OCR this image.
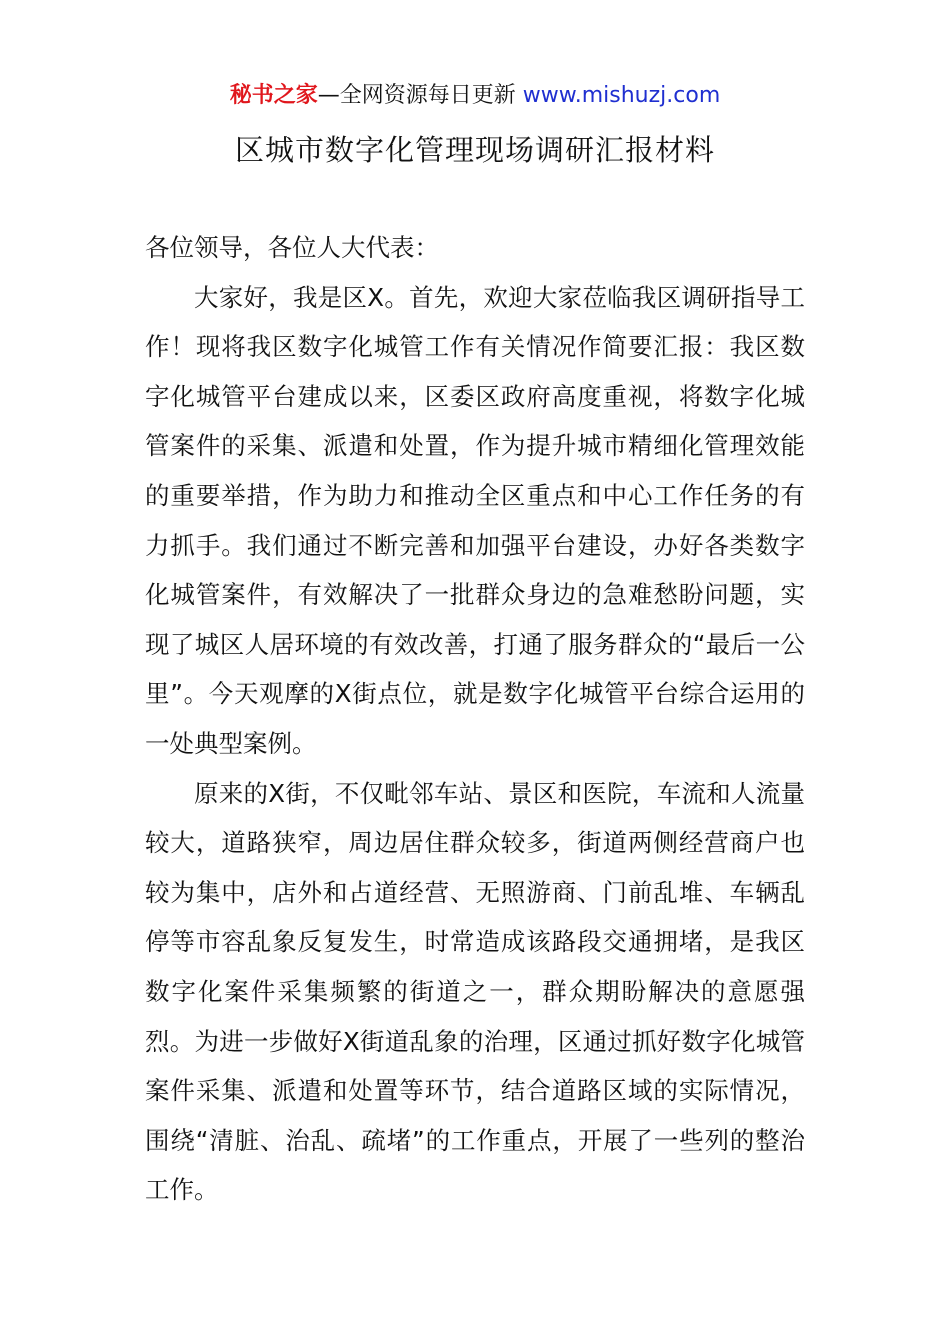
秘书之家—全网资源每日更新 www.mishuzj.com
区城市数字化管理现场调研汇报材料

各位领导，各位人大代表：

大家好，我是区X。首先，欢迎大家莅临我区调研指导工作！现将我区数字化城管工作有关情况作简要汇报：我区数字化城管平台建成以来，区委区政府高度重视，将数字化城管案件的采集、派遣和处置，作为提升城市精细化管理效能的重要举措，作为助力和推动全区重点和中心工作任务的有力抓手。我们通过不断完善和加强平台建设，办好各类数字化城管案件，有效解决了一批群众身边的急难愁盼问题，实现了城区人居环境的有效改善，打通了服务群众的“最后一公里”。今天观摩的X街点位，就是数字化城管平台综合运用的一处典型案例。

原来的X街，不仅毗邻车站、景区和医院，车流和人流量较大，道路狭窄，周边居住群众较多，街道两侧经营商户也较为集中，店外和占道经营、无照游商、门前乱堆、车辆乱停等市容乱象反复发生，时常造成该路段交通拥堵，是我区数字化案件采集频繁的街道之一，群众期盼解决的意愿强烈。为进一步做好X街道乱象的治理，区通过抓好数字化城管案件采集、派遣和处置等环节，结合道路区域的实际情况，围绕“清脏、治乱、疏堵”的工作重点，开展了一些列的整治工作。
